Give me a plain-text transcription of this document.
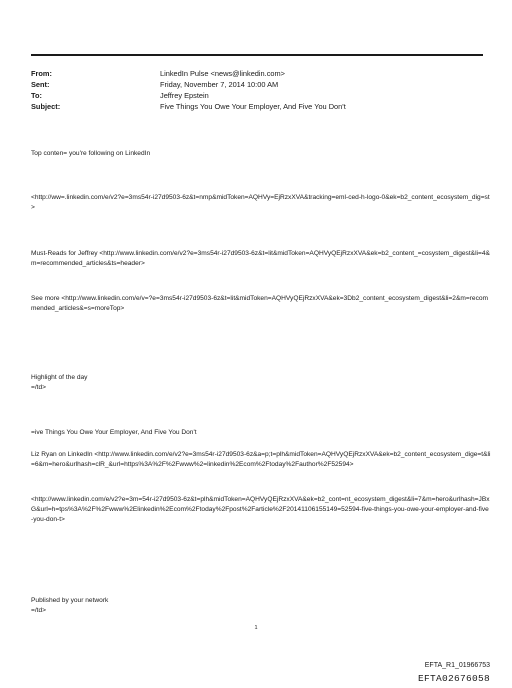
From:	LinkedIn Pulse <news@linkedin.com>
Sent:	Friday, November 7, 2014 10:00 AM
To:	Jeffrey Epstein
Subject:	Five Things You Owe Your Employer, And Five You Don't
Top conten= you're following on LinkedIn
<http://ww=.linkedin.com/e/v2?e=3ms54r-i27d9503-6z&t=nmp&midToken=AQHVy=EjRzxXVA&tracking=eml-ced-h-logo-0&ek=b2_content_ecosystem_dig=st>
Must-Reads for Jeffrey <http://www.linkedin.com/e/v2?e=3ms54r-i27d9503-6z&t=lit&midToken=AQHVyQEjRzxXVA&ek=b2_content_=cosystem_digest&li=4&m=recommended_articles&ts=header>
See more <http://www.linkedin.com/e/v=?e=3ms54r-i27d9503-6z&t=lit&midToken=AQHVyQEjRzxXVA&ek=3Db2_content_ecosystem_digest&li=2&m=recommended_articles&=s=moreTop>
Highlight of the day
=/td>
=ive Things You Owe Your Employer, And Five You Don't
Liz Ryan on LinkedIn <http://www.linkedin.com/e/v2?e=3ms54r-i27d9503-6z&a=p;t=plh&midToken=AQHVyQEjRzxXVA&ek=b2_content_ecosystem_dige=t&li=6&m=hero&urlhash=clR_&url=https%3A%2F%2Fwww%2=linkedin%2Ecom%2Ftoday%2Fauthor%2F52594>
<http://www.linkedin.com/e/v2?e=3m=54r-i27d9503-6z&t=plh&midToken=AQHVyQEjRzxXVA&ek=b2_cont=nt_ecosystem_digest&li=7&m=hero&urlhash=JBxG&url=h=tps%3A%2F%2Fwww%2Elinkedin%2Ecom%2Ftoday%2Fpost%2Farticle%2F20141106155149=52594-five-things-you-owe-your-employer-and-five-you-don-t>
Published by your network
=/td>
1
EFTA_R1_01966753
EFTA02676058
